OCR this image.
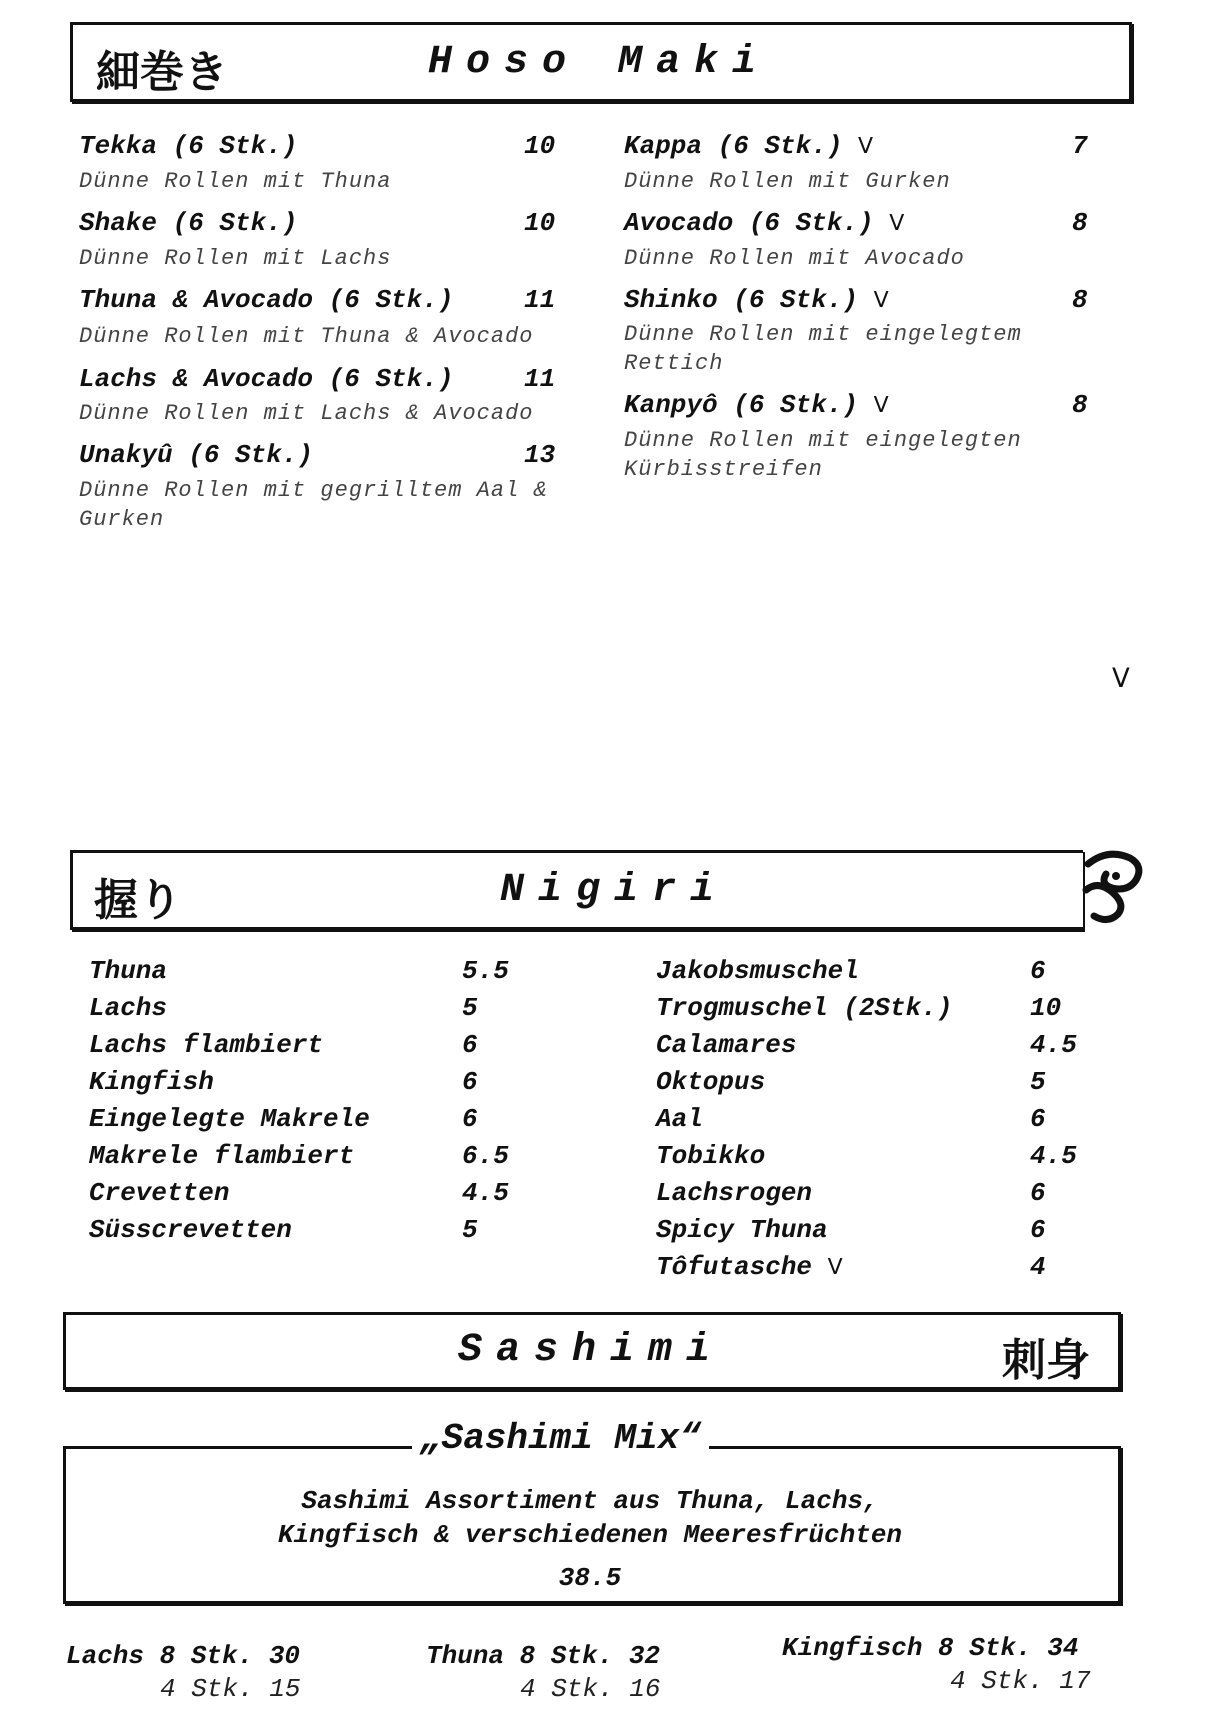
細巻き	Hoso Maki
Tekka (6 Stk.)	10
Dünne Rollen mit Thuna
Shake (6 Stk.)	10
Dünne Rollen mit Lachs
Thuna & Avocado (6 Stk.)	11
Dünne Rollen mit Thuna & Avocado
Lachs & Avocado (6 Stk.)	11
Dünne Rollen mit Lachs & Avocado
Unakyû (6 Stk.)	13
Dünne Rollen mit gegrilltem Aal & Gurken
Kappa (6 Stk.) ᐯ	7
Dünne Rollen mit Gurken
Avocado (6 Stk.) ᐯ	8
Dünne Rollen mit Avocado
Shinko (6 Stk.) ᐯ	8
Dünne Rollen mit eingelegtem Rettich
Kanpyô (6 Stk.) ᐯ	8
Dünne Rollen mit eingelegten Kürbisstreifen
ᐯ
握り	Nigiri
Thuna	5.5
Lachs	5
Lachs flambiert	6
Kingfish	6
Eingelegte Makrele	6
Makrele flambiert	6.5
Crevetten	4.5
Süsscrevetten	5
Jakobsmuschel	6
Trogmuschel (2Stk.)	10
Calamares	4.5
Oktopus	5
Aal	6
Tobikko	4.5
Lachsrogen	6
Spicy Thuna	6
Tôfutasche ᐯ	4
Sashimi	刺身
„Sashimi Mix“
Sashimi Assortiment aus Thuna, Lachs,
Kingfisch & verschiedenen Meeresfrüchten
38.5
Lachs 8 Stk. 30
4 Stk. 15
Thuna 8 Stk. 32
4 Stk. 16
Kingfisch 8 Stk. 34
4 Stk. 17
